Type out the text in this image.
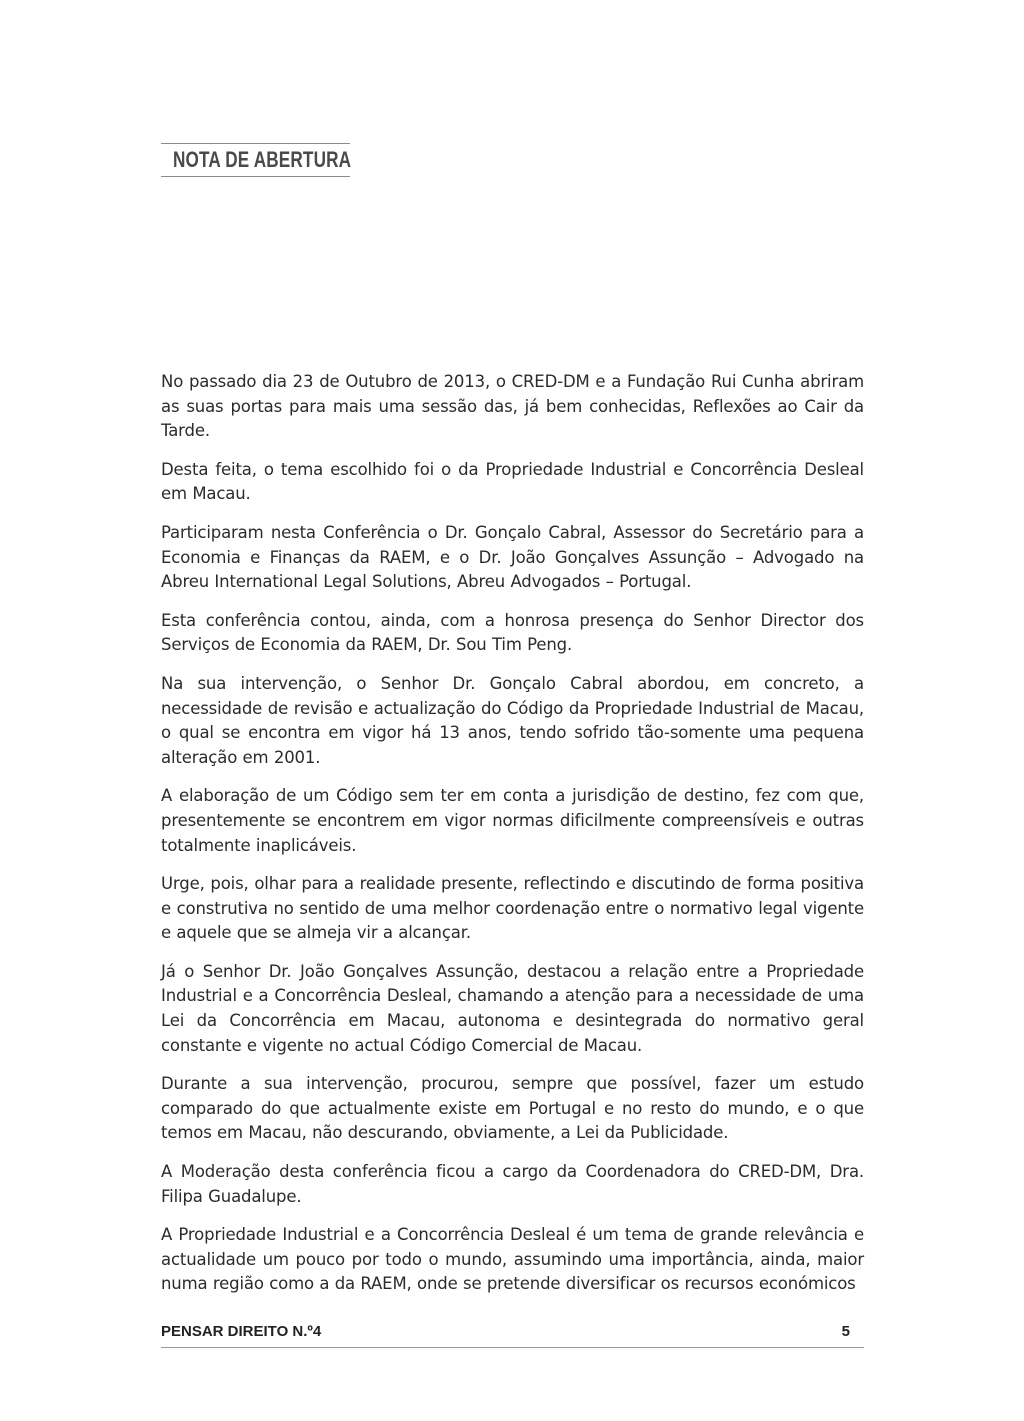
NOTA DE ABERTURA

No passado dia 23 de Outubro de 2013, o CRED-DM e a Fundação Rui Cunha abriram as suas portas para mais uma sessão das, já bem conhecidas, Reflexões ao Cair da Tarde.

Desta feita, o tema escolhido foi o da Propriedade Industrial e Concorrência Desleal em Macau.

Participaram nesta Conferência o Dr. Gonçalo Cabral, Assessor do Secretário para a Economia e Finanças da RAEM, e o Dr. João Gonçalves Assunção – Advogado na Abreu International Legal Solutions, Abreu Advogados – Portugal.

Esta conferência contou, ainda, com a honrosa presença do Senhor Director dos Serviços de Economia da RAEM, Dr. Sou Tim Peng.

Na sua intervenção, o Senhor Dr. Gonçalo Cabral abordou, em concreto, a necessidade de revisão e actualização do Código da Propriedade Industrial de Macau, o qual se encontra em vigor há 13 anos, tendo sofrido tão-somente uma pequena alteração em 2001.

A elaboração de um Código sem ter em conta a jurisdição de destino, fez com que, presentemente se encontrem em vigor normas dificilmente compreensíveis e outras totalmente inaplicáveis.

Urge, pois, olhar para a realidade presente, reflectindo e discutindo de forma positiva e construtiva no sentido de uma melhor coordenação entre o normativo legal vigente e aquele que se almeja vir a alcançar.

Já o Senhor Dr. João Gonçalves Assunção, destacou a relação entre a Propriedade Industrial e a Concorrência Desleal, chamando a atenção para a necessidade de uma Lei da Concorrência em Macau, autonoma e desintegrada do normativo geral constante e vigente no actual Código Comercial de Macau.

Durante a sua intervenção, procurou, sempre que possível, fazer um estudo comparado do que actualmente existe em Portugal e no resto do mundo, e o que temos em Macau, não descurando, obviamente, a Lei da Publicidade.

A Moderação desta conferência ficou a cargo da Coordenadora do CRED-DM, Dra. Filipa Guadalupe.

A Propriedade Industrial e a Concorrência Desleal é um tema de grande relevância e actualidade um pouco por todo o mundo, assumindo uma importância, ainda, maior numa região como a da RAEM, onde se pretende diversificar os recursos económicos

PENSAR DIREITO N.º4	5
